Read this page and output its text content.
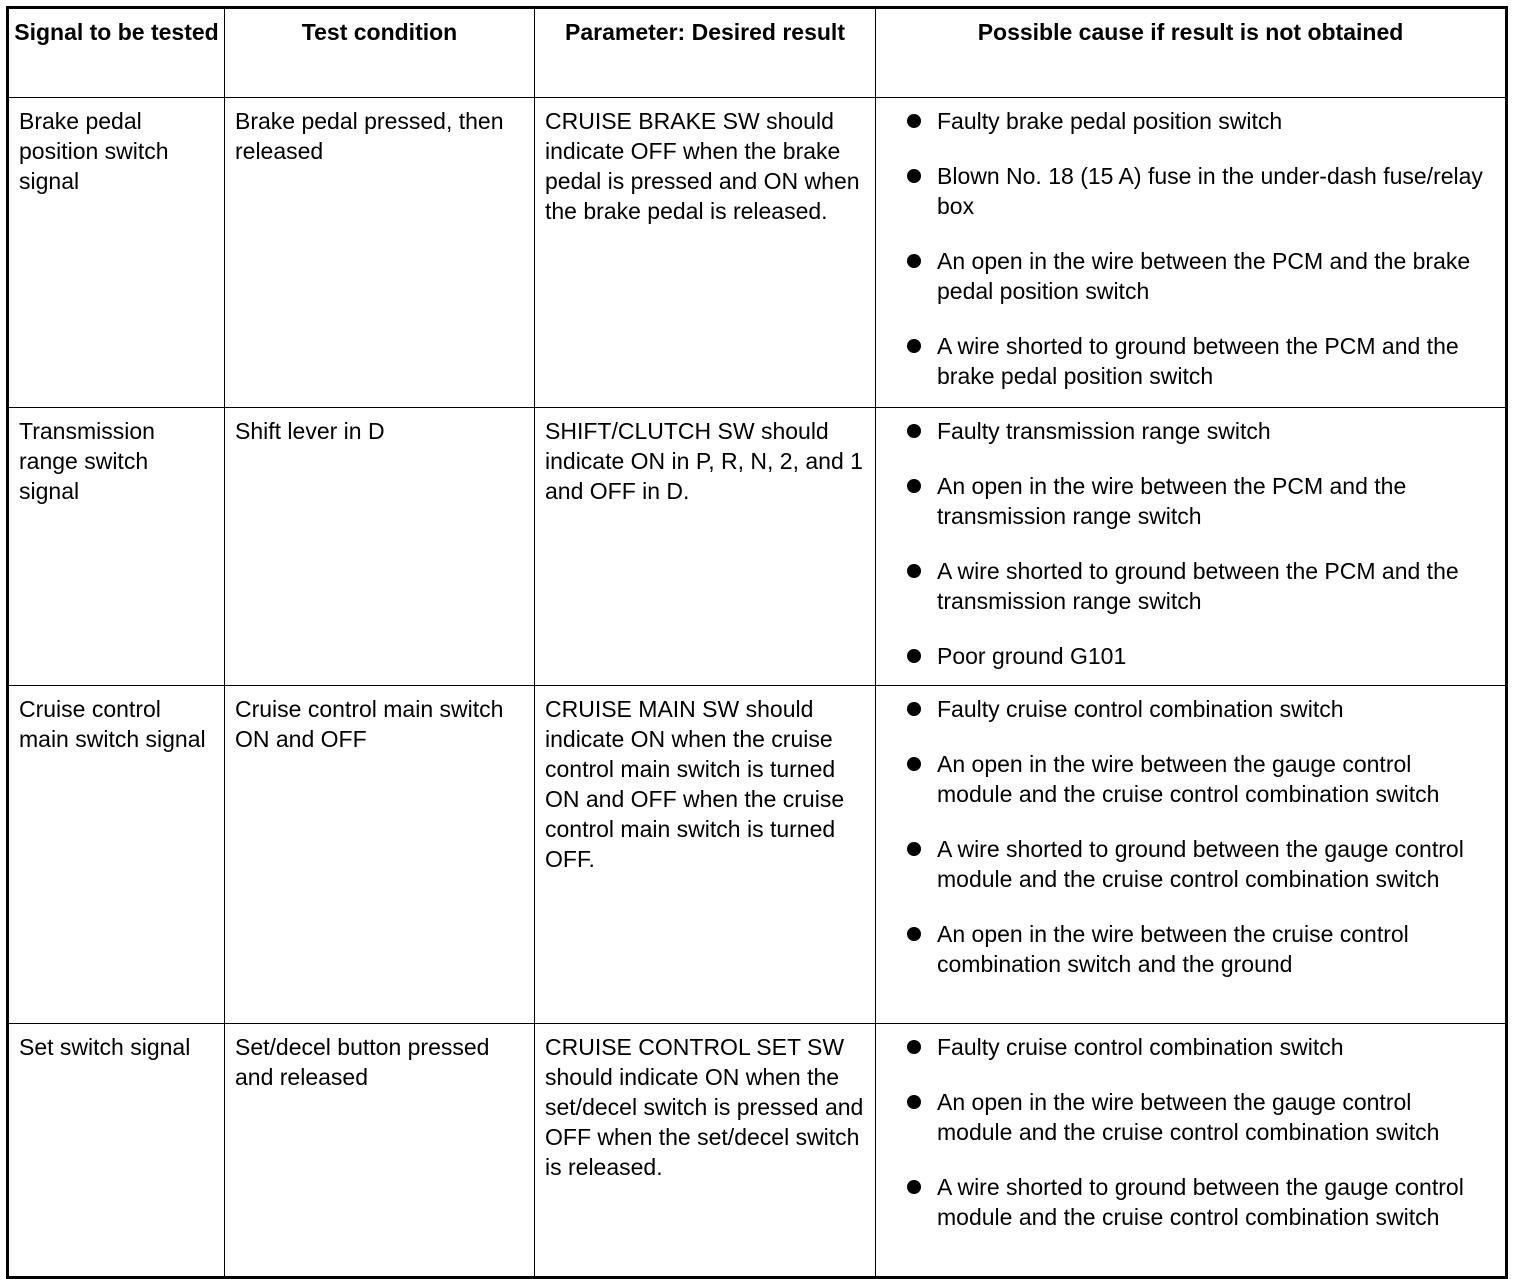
Signal to be tested	Test condition	Parameter: Desired result	Possible cause if result is not obtained
Brake pedal position switch signal	Brake pedal pressed, then released	CRUISE BRAKE SW should indicate OFF when the brake pedal is pressed and ON when the brake pedal is released.	Faulty brake pedal position switch
Blown No. 18 (15 A) fuse in the under-dash fuse/relay box
An open in the wire between the PCM and the brake pedal position switch
A wire shorted to ground between the PCM and the brake pedal position switch

Transmission range switch signal	Shift lever in D	SHIFT/CLUTCH SW should indicate ON in P, R, N, 2, and 1 and OFF in D.	Faulty transmission range switch
An open in the wire between the PCM and the transmission range switch
A wire shorted to ground between the PCM and the transmission range switch
Poor ground G101

Cruise control main switch signal	Cruise control main switch ON and OFF	CRUISE MAIN SW should indicate ON when the cruise control main switch is turned ON and OFF when the cruise control main switch is turned OFF.	Faulty cruise control combination switch
An open in the wire between the gauge control module and the cruise control combination switch
A wire shorted to ground between the gauge control module and the cruise control combination switch
An open in the wire between the cruise control combination switch and the ground

Set switch signal	Set/decel button pressed and released	CRUISE CONTROL SET SW should indicate ON when the set/decel switch is pressed and OFF when the set/decel switch is released.	Faulty cruise control combination switch
An open in the wire between the gauge control module and the cruise control combination switch
A wire shorted to ground between the gauge control module and the cruise control combination switch
